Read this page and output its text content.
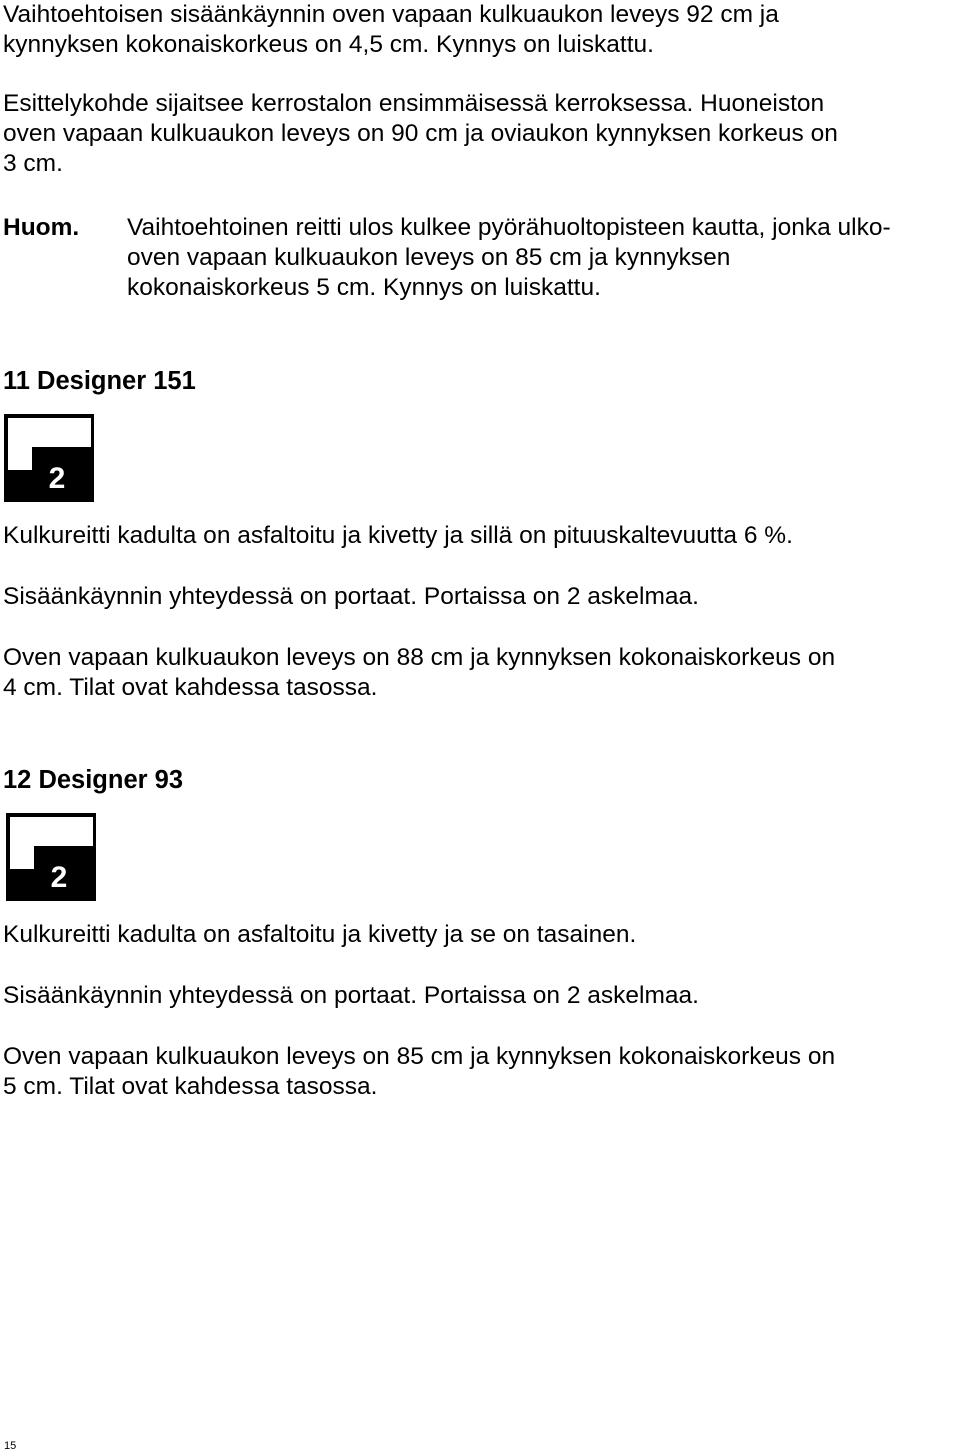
Vaihtoehtoisen sisäänkäynnin oven vapaan kulkuaukon leveys 92 cm ja
kynnyksen kokonaiskorkeus on 4,5 cm. Kynnys on luiskattu.
Esittelykohde sijaitsee kerrostalon ensimmäisessä kerroksessa. Huoneiston
oven vapaan kulkuaukon leveys on 90 cm ja oviaukon kynnyksen korkeus on
3 cm.
Huom. Vaihtoehtoinen reitti ulos kulkee pyörähuoltopisteen kautta, jonka ulko-
oven vapaan kulkuaukon leveys on 85 cm ja kynnyksen
kokonaiskorkeus 5 cm. Kynnys on luiskattu.
11 Designer 151
2
Kulkureitti kadulta on asfaltoitu ja kivetty ja sillä on pituuskaltevuutta 6 %.
Sisäänkäynnin yhteydessä on portaat. Portaissa on 2 askelmaa.
Oven vapaan kulkuaukon leveys on 88 cm ja kynnyksen kokonaiskorkeus on
4 cm. Tilat ovat kahdessa tasossa.
12 Designer 93
2
Kulkureitti kadulta on asfaltoitu ja kivetty ja se on tasainen.
Sisäänkäynnin yhteydessä on portaat. Portaissa on 2 askelmaa.
Oven vapaan kulkuaukon leveys on 85 cm ja kynnyksen kokonaiskorkeus on
5 cm. Tilat ovat kahdessa tasossa.
15
